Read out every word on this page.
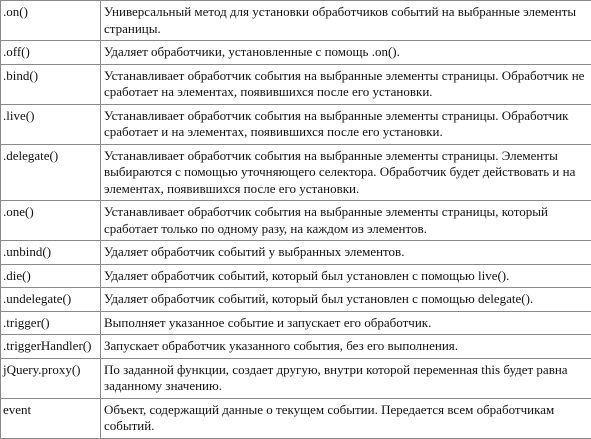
.on()	Универсальный метод для установки обработчиков событий на выбранные элементы страницы.
.off()	Удаляет обработчики, установленные с помощь .on().
.bind()	Устанавливает обработчик события на выбранные элементы страницы. Обработчик не сработает на элементах, появившихся после его установки.
.live()	Устанавливает обработчик события на выбранные элементы страницы. Обработчик сработает и на элементах, появившихся после его установки.
.delegate()	Устанавливает обработчик события на выбранные элементы страницы. Элементы выбираются с помощью уточняющего селектора. Обработчик будет действовать и на элементах, появившихся после его установки.
.one()	Устанавливает обработчик события на выбранные элементы страницы, который сработает только по одному разу, на каждом из элементов.
.unbind()	Удаляет обработчик событий у выбранных элементов.
.die()	Удаляет обработчик событий, который был установлен с помощью live().
.undelegate()	Удаляет обработчик событий, который был установлен с помощью delegate().
.trigger()	Выполняет указанное событие и запускает его обработчик.
.triggerHandler()	Запускает обработчик указанного события, без его выполнения.
jQuery.proxy()	По заданной функции, создает другую, внутри которой переменная this будет равна заданному значению.
event	Объект, содержащий данные о текущем событии. Передается всем обработчикам событий.
